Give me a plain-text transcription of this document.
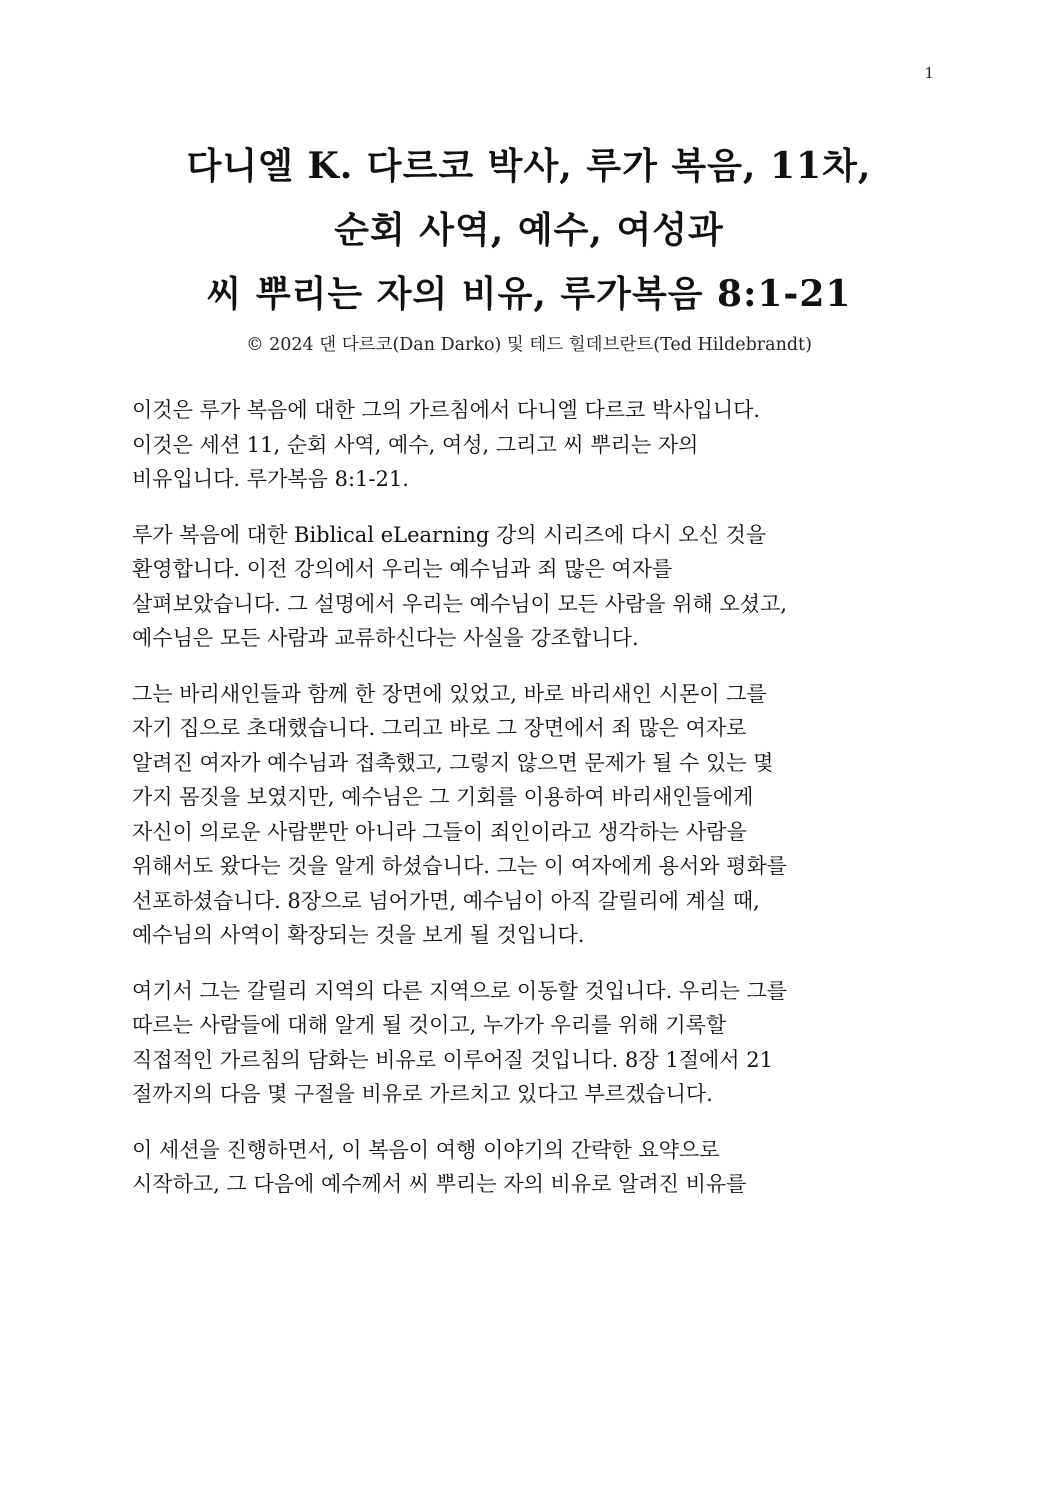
1
다니엘 K. 다르코 박사, 루가 복음, 11차,
순회 사역, 예수, 여성과
씨 뿌리는 자의 비유, 루가복음 8:1-21
© 2024 댄 다르코(Dan Darko) 및 테드 힐데브란트(Ted Hildebrandt)

이것은 루가 복음에 대한 그의 가르침에서 다니엘 다르코 박사입니다.
이것은 세션 11, 순회 사역, 예수, 여성, 그리고 씨 뿌리는 자의
비유입니다. 루가복음 8:1-21.

루가 복음에 대한 Biblical eLearning 강의 시리즈에 다시 오신 것을
환영합니다. 이전 강의에서 우리는 예수님과 죄 많은 여자를
살펴보았습니다. 그 설명에서 우리는 예수님이 모든 사람을 위해 오셨고,
예수님은 모든 사람과 교류하신다는 사실을 강조합니다.

그는 바리새인들과 함께 한 장면에 있었고, 바로 바리새인 시몬이 그를
자기 집으로 초대했습니다. 그리고 바로 그 장면에서 죄 많은 여자로
알려진 여자가 예수님과 접촉했고, 그렇지 않으면 문제가 될 수 있는 몇
가지 몸짓을 보였지만, 예수님은 그 기회를 이용하여 바리새인들에게
자신이 의로운 사람뿐만 아니라 그들이 죄인이라고 생각하는 사람을
위해서도 왔다는 것을 알게 하셨습니다. 그는 이 여자에게 용서와 평화를
선포하셨습니다. 8장으로 넘어가면, 예수님이 아직 갈릴리에 계실 때,
예수님의 사역이 확장되는 것을 보게 될 것입니다.

여기서 그는 갈릴리 지역의 다른 지역으로 이동할 것입니다. 우리는 그를
따르는 사람들에 대해 알게 될 것이고, 누가가 우리를 위해 기록할
직접적인 가르침의 담화는 비유로 이루어질 것입니다. 8장 1절에서 21
절까지의 다음 몇 구절을 비유로 가르치고 있다고 부르겠습니다.

이 세션을 진행하면서, 이 복음이 여행 이야기의 간략한 요약으로
시작하고, 그 다음에 예수께서 씨 뿌리는 자의 비유로 알려진 비유를
